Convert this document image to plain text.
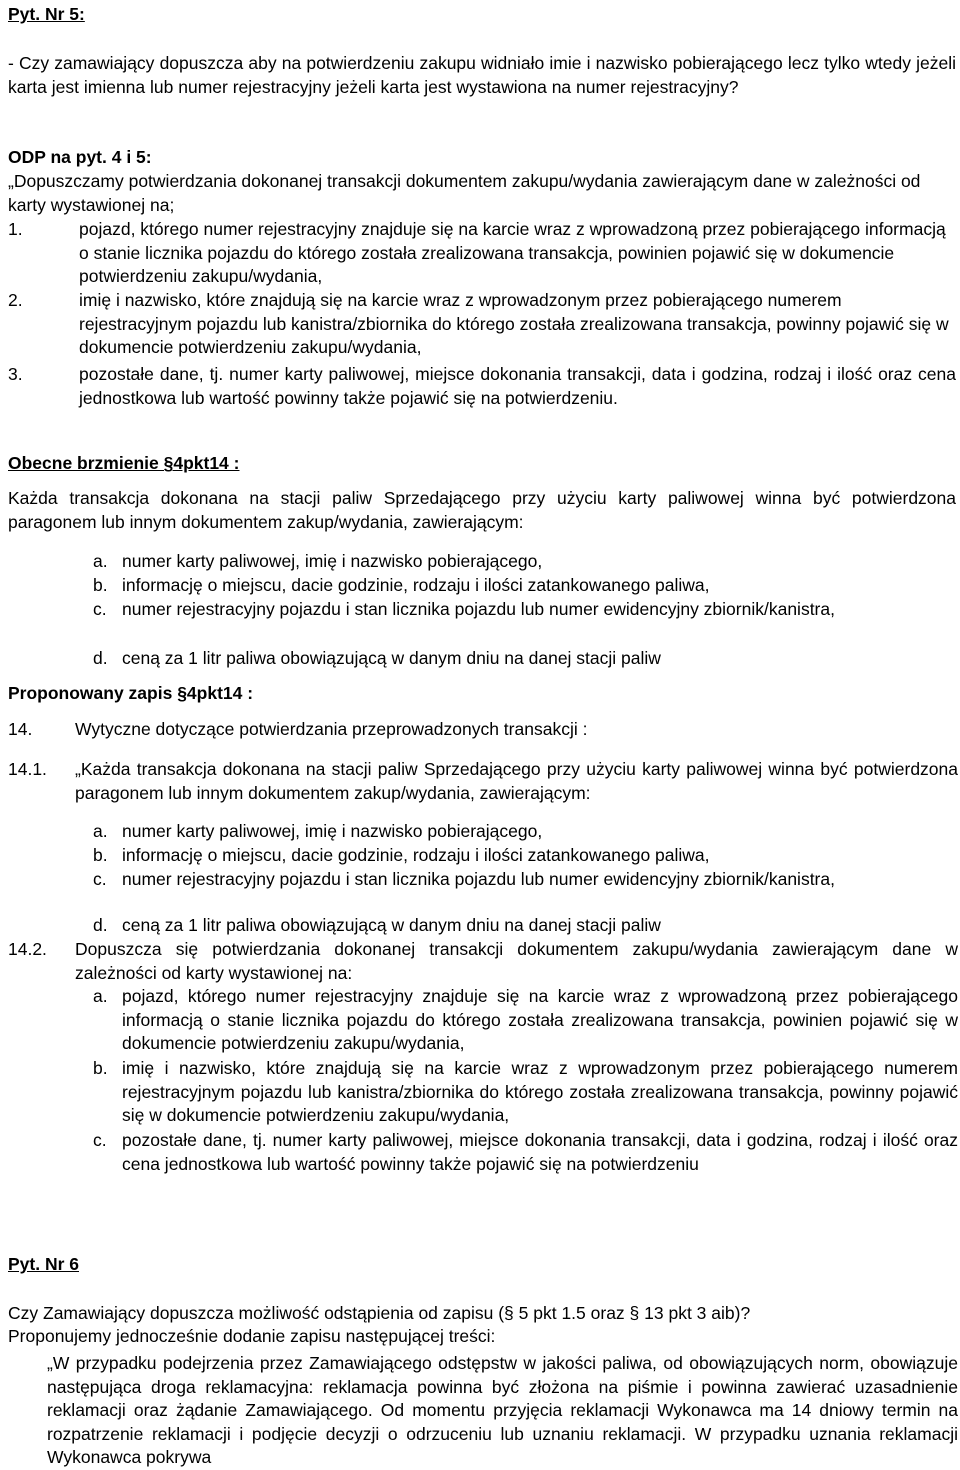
Pyt. Nr 5:
- Czy zamawiający dopuszcza aby na potwierdzeniu zakupu widniało imie i nazwisko pobierającego lecz tylko wtedy jeżeli karta jest imienna lub numer rejestracyjny jeżeli karta jest wystawiona na numer rejestracyjny?
ODP na pyt. 4 i 5:
„Dopuszczamy potwierdzania dokonanej transakcji dokumentem zakupu/wydania zawierającym dane w zależności od karty wystawionej na;
1.	pojazd, którego numer rejestracyjny znajduje się na karcie wraz z wprowadzoną przez pobierającego informacją o stanie licznika pojazdu do którego została zrealizowana transakcja, powinien pojawić się w dokumencie potwierdzeniu zakupu/wydania,
2.	imię i nazwisko, które znajdują się na karcie wraz z wprowadzonym przez pobierającego numerem rejestracyjnym pojazdu lub kanistra/zbiornika do którego została zrealizowana transakcja, powinny pojawić się w dokumencie potwierdzeniu zakupu/wydania,
3.	pozostałe dane, tj. numer karty paliwowej, miejsce dokonania transakcji, data i godzina, rodzaj i ilość oraz cena jednostkowa lub wartość powinny także pojawić się na potwierdzeniu.
Obecne brzmienie §4pkt14 :
Każda transakcja dokonana na stacji paliw Sprzedającego przy użyciu karty paliwowej winna być potwierdzona paragonem lub innym dokumentem zakup/wydania, zawierającym:
a. numer karty paliwowej, imię i nazwisko pobierającego,
b. informację o miejscu, dacie godzinie, rodzaju i ilości zatankowanego paliwa,
c. numer rejestracyjny pojazdu i stan licznika pojazdu lub numer ewidencyjny zbiornik/kanistra,
d. ceną za 1 litr paliwa obowiązującą w danym dniu na danej stacji paliw
Proponowany zapis §4pkt14 :
14. Wytyczne dotyczące potwierdzania przeprowadzonych transakcji :
14.1. „Każda transakcja dokonana na stacji paliw Sprzedającego przy użyciu karty paliwowej winna być potwierdzona paragonem lub innym dokumentem zakup/wydania, zawierającym:
a. numer karty paliwowej, imię i nazwisko pobierającego,
b. informację o miejscu, dacie godzinie, rodzaju i ilości zatankowanego paliwa,
c. numer rejestracyjny pojazdu i stan licznika pojazdu lub numer ewidencyjny zbiornik/kanistra,
d. ceną za 1 litr paliwa obowiązującą w danym dniu na danej stacji paliw
14.2. Dopuszcza się potwierdzania dokonanej transakcji dokumentem zakupu/wydania zawierającym dane w zależności od karty wystawionej na:
a. pojazd, którego numer rejestracyjny znajduje się na karcie wraz z wprowadzoną przez pobierającego informacją o stanie licznika pojazdu do którego została zrealizowana transakcja, powinien pojawić się w dokumencie potwierdzeniu zakupu/wydania,
b. imię i nazwisko, które znajdują się na karcie wraz z wprowadzonym przez pobierającego numerem rejestracyjnym pojazdu lub kanistra/zbiornika do którego została zrealizowana transakcja, powinny pojawić się w dokumencie potwierdzeniu zakupu/wydania,
c. pozostałe dane, tj. numer karty paliwowej, miejsce dokonania transakcji, data i godzina, rodzaj i ilość oraz cena jednostkowa lub wartość powinny także pojawić się na potwierdzeniu
Pyt. Nr 6
Czy Zamawiający dopuszcza możliwość odstąpienia od zapisu (§ 5 pkt 1.5 oraz § 13 pkt 3 aib)?
Proponujemy jednocześnie dodanie zapisu następującej treści:
„W przypadku podejrzenia przez Zamawiającego odstępstw w jakości paliwa, od obowiązujących norm, obowiązuje następująca droga reklamacyjna: reklamacja powinna być złożona na piśmie i powinna zawierać uzasadnienie reklamacji oraz żądanie Zamawiającego. Od momentu przyjęcia reklamacji Wykonawca ma 14 dniowy termin na rozpatrzenie reklamacji i podjęcie decyzji o odrzuceniu lub uznaniu reklamacji. W przypadku uznania reklamacji Wykonawca pokrywa
